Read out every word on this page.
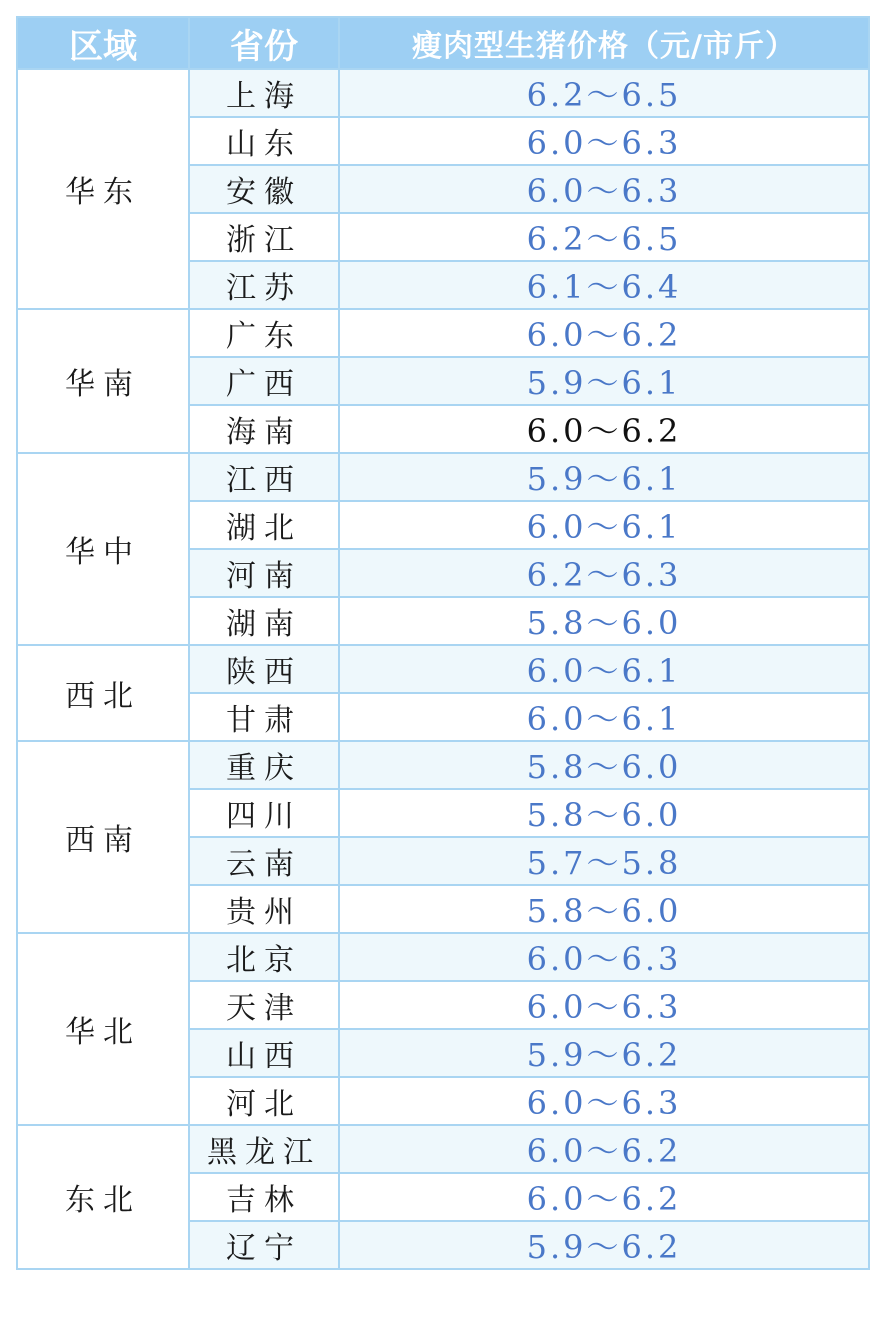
区域	省份	瘦肉型生猪价格（元/市斤）
华东	上海	6.2～6.5
	山东	6.0～6.3
	安徽	6.0～6.3
	浙江	6.2～6.5
	江苏	6.1～6.4
华南	广东	6.0～6.2
	广西	5.9～6.1
	海南	6.0～6.2
华中	江西	5.9～6.1
	湖北	6.0～6.1
	河南	6.2～6.3
	湖南	5.8～6.0
西北	陕西	6.0～6.1
	甘肃	6.0～6.1
西南	重庆	5.8～6.0
	四川	5.8～6.0
	云南	5.7～5.8
	贵州	5.8～6.0
华北	北京	6.0～6.3
	天津	6.0～6.3
	山西	5.9～6.2
	河北	6.0～6.3
东北	黑龙江	6.0～6.2
	吉林	6.0～6.2
	辽宁	5.9～6.2
